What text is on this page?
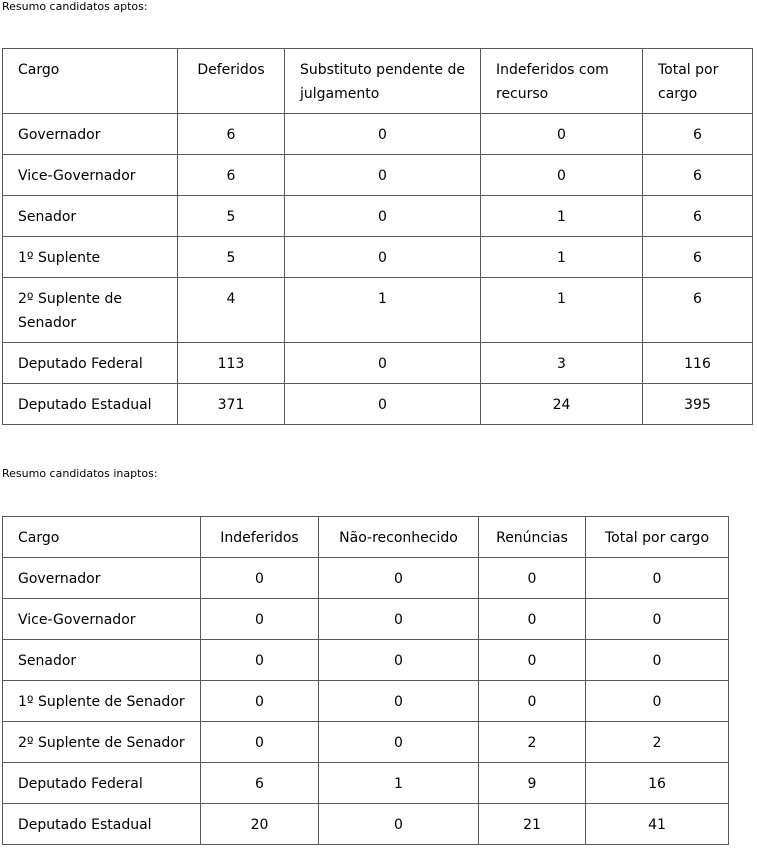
Resumo candidatos aptos:

Cargo	Deferidos	Substituto pendente de julgamento	Indeferidos com recurso	Total por cargo
Governador	6	0	0	6
Vice-Governador	6	0	0	6
Senador	5	0	1	6
1º Suplente	5	0	1	6
2º Suplente de Senador	4	1	1	6
Deputado Federal	113	0	3	116
Deputado Estadual	371	0	24	395

Resumo candidatos inaptos:

Cargo	Indeferidos	Não-reconhecido	Renúncias	Total por cargo
Governador	0	0	0	0
Vice-Governador	0	0	0	0
Senador	0	0	0	0
1º Suplente de Senador	0	0	0	0
2º Suplente de Senador	0	0	2	2
Deputado Federal	6	1	9	16
Deputado Estadual	20	0	21	41
